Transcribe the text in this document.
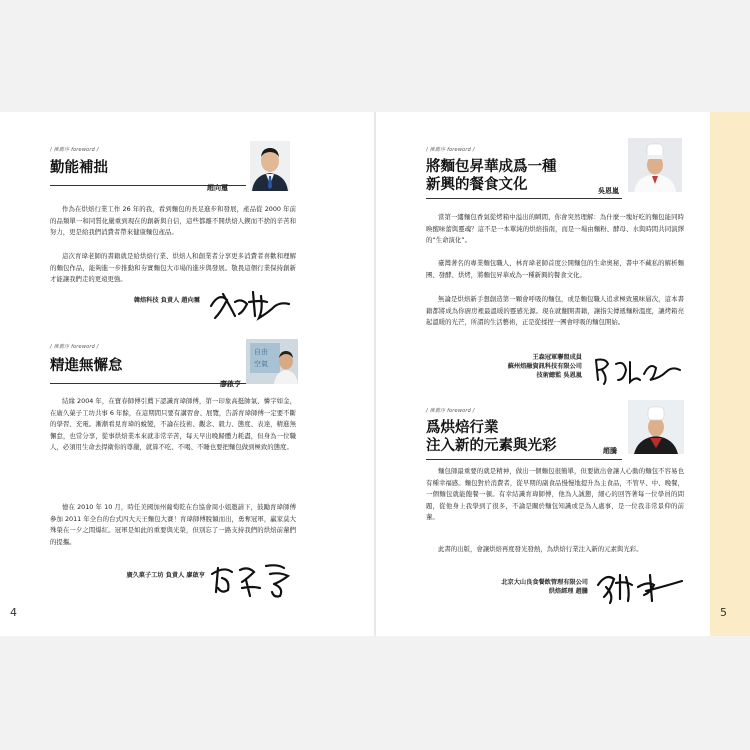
4	5
/ 推薦序 foreword /
勤能補拙
趙向璽
作為在烘焙行業工作 26 年的我，看到麵包的長足進步和發展，產品從 2000 年前的品類單一和同質化嚴重到現在的創新與自信，這些都離不開烘焙人鍥而不捨的辛苦和努力，更是給我們消費者帶來健康麵包產品。
這次育瑋老師的書籍就是給烘焙行業、烘焙人和創業者分享更多消費者喜歡和理解的麵包作品，能夠進一步推動和夯實麵包大市場的進步與發展。敬畏這個行業保持創新才能讓我們走的更遠更強。
韓焙科技 負責人 趙向璽
/ 推薦序 foreword /
精進無懈怠
廖啟亨
自由
空氣
結緣 2004 年，在寶春師傅引薦下認識育瑋師傅，第一印象高挺帥氣、憐字如金，在廣久菓子工坊共事 6 年餘，在這期間只要有講習會、展覽，告訴育瑋師傅一定要不斷的學習、充電。漸漸看見育瑋的蛻變，不論在技術、觀念、毅力、態度、表達，精進無懈怠，也常分享，從事烘焙業本來就非常辛苦，每天早出晚歸體力耗盡，但身為一位職人，必須用生命去捍衛你的尊嚴，就算不吃、不喝、不睡也要把麵包做到極致的態度。
憶在 2010 年 10 月，時任美國加州葡萄乾在台協會周小姐邀請下，鼓勵育瑋師傅參加 2011 年全台的台式四大天王麵包大賽！育瑋師傅脫穎而出，勇奪冠軍，贏家莫大殊榮在一夕之間爆紅。冠軍是如此的重要與光榮，但別忘了一路支持我們的烘焙前輩們的提攜。
廣久菓子工坊 負責人 廖啟亨
/ 推薦序 foreword /
將麵包昇華成爲一種
新興的餐食文化	吳恩嵐
當第一縷麵包香氣從烤箱中溢出的瞬間，你會突然理解：為什麼一塊好吃的麵包能同時喚醒味蕾與靈魂？這不是一本單純的烘焙指南，而是一場由麵粉、酵母、水與時間共同演繹的“生命演化”。
臺灣著名的專業麵包職人，林育瑋老師首度公開麵包的生命奧秘，書中不藏私的解析麵團、發酵、烘烤，將麵包昇華成為一種新興的餐食文化。
無論是烘焙新手想創造第一顆會呼吸的麵包，或是麵包職人追求極致風味層次，這本書籍都將成為你廚房裡最溫暖的靈感光源。現在就翻開書籍，讓指尖傳遞麵粉溫度，讓烤箱亮起溫暖的光芒，所謂的生活藝術，正是從揉捏一團會呼吸的麵包開始。
王森冠軍聯盟成員
蘇州焙融資訊科技有限公司
技術總監 吳恩嵐
/ 推薦序 foreword /
爲烘焙行業
注入新的元素與光彩	趙騰
麵包師最重要的就是精神，做出一個麵包很簡單，但要做出會讓人心動的麵包不容易也有種幸福感。麵包對於消費者，從早期的副食品慢慢地提升為主食品，不管早、中、晚餐，一個麵包就能飽餐一頓。有幸結識育瑋師傅，他為人誠懇，細心的回答著每一位學員的問題，從他身上我學到了很多，不論是關於麵包知識或是為人處事，是一位我非常景仰的前輩。
此書的出版，會讓烘焙再度發光發熱，為烘焙行業注入新的元素與光彩。
北京大山良食餐飲管理有限公司
烘焙經理 趙騰
